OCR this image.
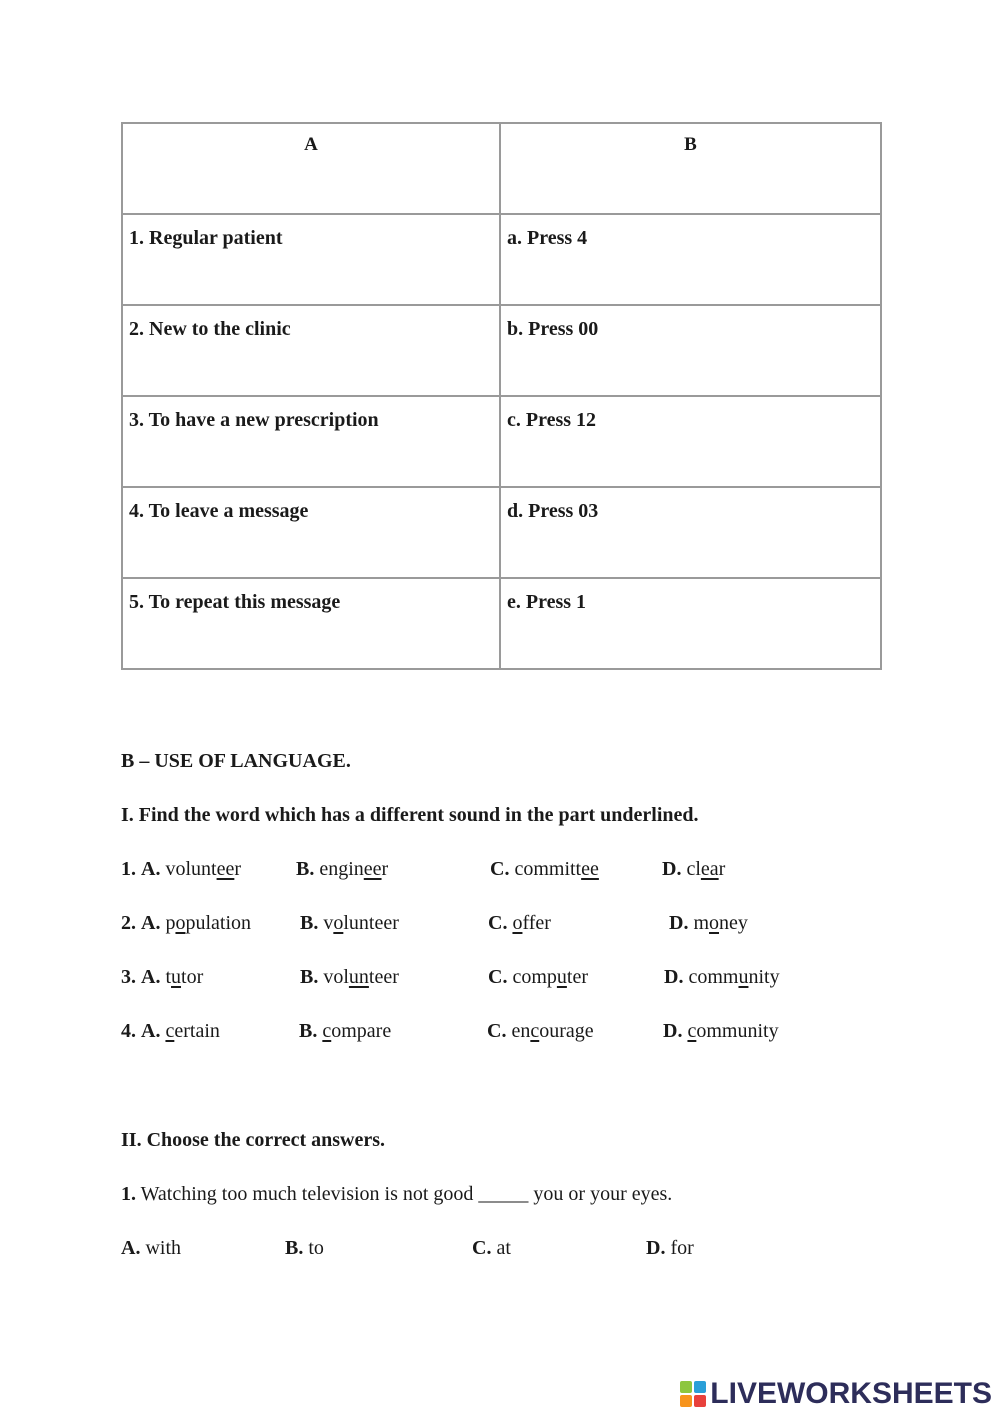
A	B
1. Regular patient	a. Press 4
2. New to the clinic	b. Press 00
3. To have a new prescription	c. Press 12
4. To leave a message	d. Press 03
5. To repeat this message	e. Press 1
B – USE OF LANGUAGE.
I. Find the word which has a different sound in the part underlined.
1. A. volunteer	B. engineer	C. committee	D. clear
2. A. population B. volunteer	C. offer	D. money
3. A. tutor	B. volunteer	C. computer	D. community
4. A. certain	B. compare	C. encourage	D. community
II. Choose the correct answers.
1. Watching too much television is not good _____ you or your eyes.
A. with	B. to	C. at	D. for
LIVEWORKSHEETS
